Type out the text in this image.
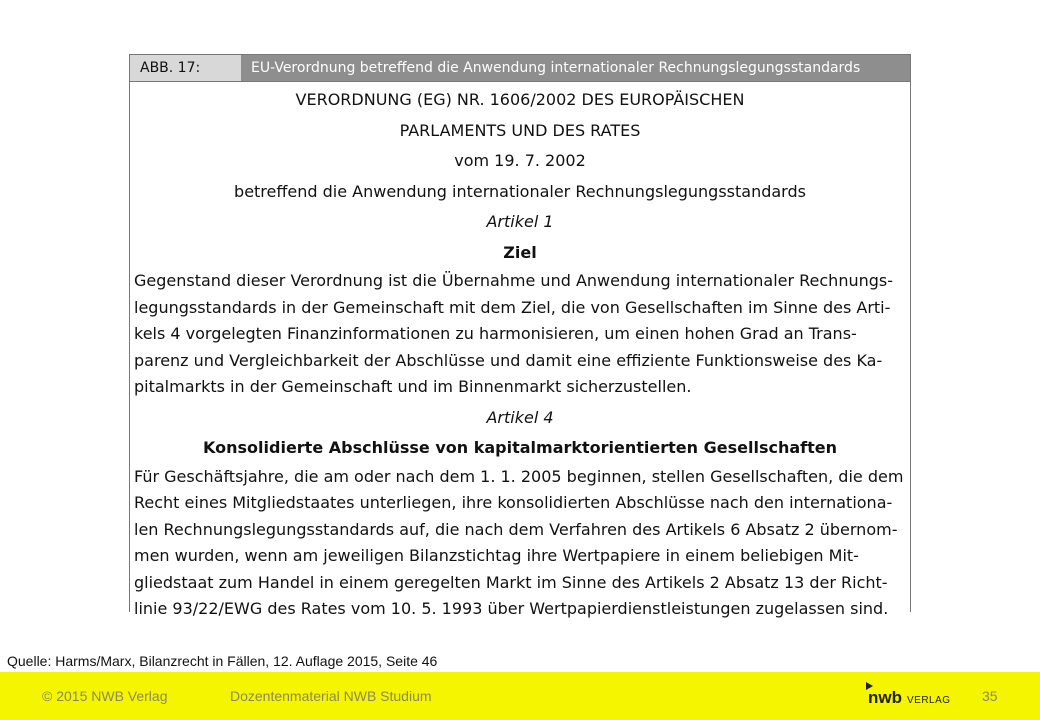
ABB. 17:	EU-Verordnung betreffend die Anwendung internationaler Rechnungslegungsstandards
VERORDNUNG (EG) NR. 1606/2002 DES EUROPÄISCHEN
PARLAMENTS UND DES RATES
vom 19. 7. 2002
betreffend die Anwendung internationaler Rechnungslegungsstandards
Artikel 1
Ziel
Gegenstand dieser Verordnung ist die Übernahme und Anwendung internationaler Rechnungs-
legungsstandards in der Gemeinschaft mit dem Ziel, die von Gesellschaften im Sinne des Arti-
kels 4 vorgelegten Finanzinformationen zu harmonisieren, um einen hohen Grad an Trans-
parenz und Vergleichbarkeit der Abschlüsse und damit eine effiziente Funktionsweise des Ka-
pitalmarkts in der Gemeinschaft und im Binnenmarkt sicherzustellen.
Artikel 4
Konsolidierte Abschlüsse von kapitalmarktorientierten Gesellschaften
Für Geschäftsjahre, die am oder nach dem 1. 1. 2005 beginnen, stellen Gesellschaften, die dem
Recht eines Mitgliedstaates unterliegen, ihre konsolidierten Abschlüsse nach den internationa-
len Rechnungslegungsstandards auf, die nach dem Verfahren des Artikels 6 Absatz 2 übernom-
men wurden, wenn am jeweiligen Bilanzstichtag ihre Wertpapiere in einem beliebigen Mit-
gliedstaat zum Handel in einem geregelten Markt im Sinne des Artikels 2 Absatz 13 der Richt-
linie 93/22/EWG des Rates vom 10. 5. 1993 über Wertpapierdienstleistungen zugelassen sind.
Quelle: Harms/Marx, Bilanzrecht in Fällen, 12. Auflage 2015, Seite 46
© 2015 NWB Verlag	Dozentenmaterial NWB Studium	nwb VERLAG 35
